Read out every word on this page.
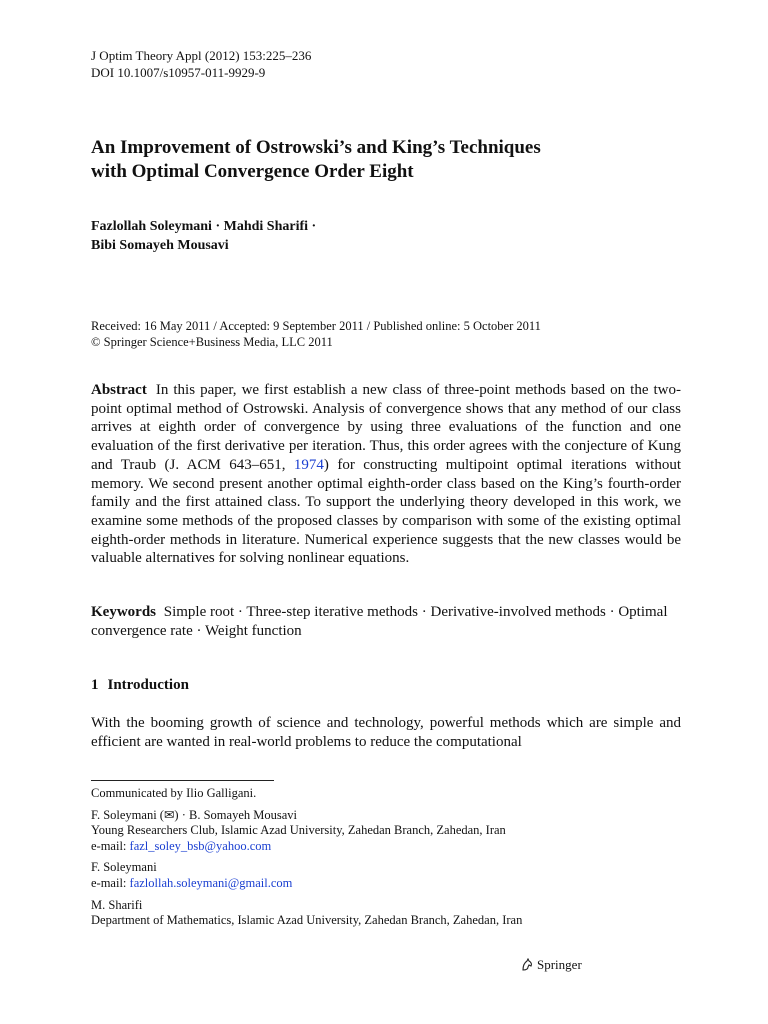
J Optim Theory Appl (2012) 153:225–236
DOI 10.1007/s10957-011-9929-9
An Improvement of Ostrowski’s and King’s Techniques
with Optimal Convergence Order Eight
Fazlollah Soleymani · Mahdi Sharifi ·
Bibi Somayeh Mousavi
Received: 16 May 2011 / Accepted: 9 September 2011 / Published online: 5 October 2011
© Springer Science+Business Media, LLC 2011
Abstract In this paper, we first establish a new class of three-point methods based on the two-point optimal method of Ostrowski. Analysis of convergence shows that any method of our class arrives at eighth order of convergence by using three evaluations of the function and one evaluation of the first derivative per iteration. Thus, this order agrees with the conjecture of Kung and Traub (J. ACM 643–651, 1974) for constructing multipoint optimal iterations without memory. We second present another optimal eighth-order class based on the King’s fourth-order family and the first attained class. To support the underlying theory developed in this work, we examine some methods of the proposed classes by comparison with some of the existing optimal eighth-order methods in literature. Numerical experience suggests that the new classes would be valuable alternatives for solving nonlinear equations.
Keywords Simple root · Three-step iterative methods · Derivative-involved methods · Optimal convergence rate · Weight function
1 Introduction
With the booming growth of science and technology, powerful methods which are simple and efficient are wanted in real-world problems to reduce the computational
Communicated by Ilio Galligani.
F. Soleymani (✉) · B. Somayeh Mousavi
Young Researchers Club, Islamic Azad University, Zahedan Branch, Zahedan, Iran
e-mail: fazl_soley_bsb@yahoo.com
F. Soleymani
e-mail: fazlollah.soleymani@gmail.com
M. Sharifi
Department of Mathematics, Islamic Azad University, Zahedan Branch, Zahedan, Iran
Springer
